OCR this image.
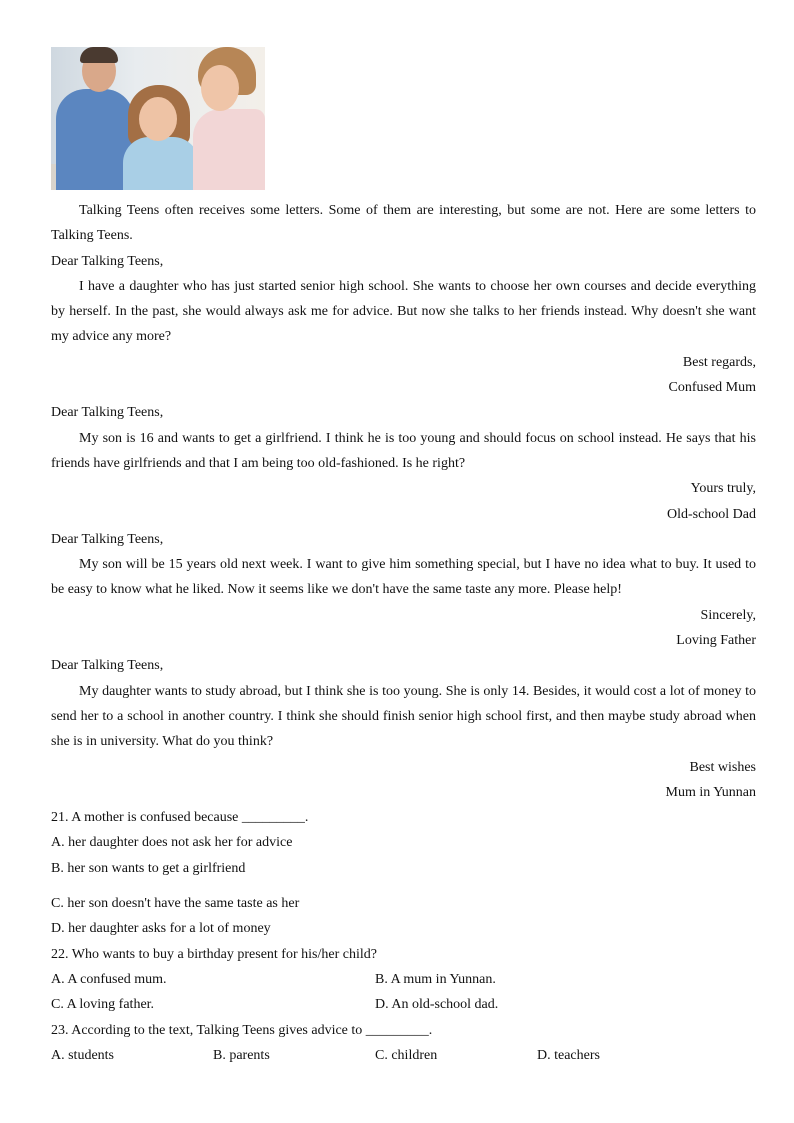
Talking Teens often receives some letters. Some of them are interesting, but some are not. Here are some letters to Talking Teens.

Dear Talking Teens,

I have a daughter who has just started senior high school. She wants to choose her own courses and decide everything by herself. In the past, she would always ask me for advice. But now she talks to her friends instead. Why doesn't she want my advice any more?

Best regards,

Confused Mum

Dear Talking Teens,

My son is 16 and wants to get a girlfriend. I think he is too young and should focus on school instead. He says that his friends have girlfriends and that I am being too old-fashioned. Is he right?

Yours truly,

Old-school Dad

Dear Talking Teens,

My son will be 15 years old next week. I want to give him something special, but I have no idea what to buy. It used to be easy to know what he liked. Now it seems like we don't have the same taste any more. Please help!

Sincerely,

Loving Father

Dear Talking Teens,

My daughter wants to study abroad, but I think she is too young. She is only 14. Besides, it would cost a lot of money to send her to a school in another country. I think she should finish senior high school first, and then maybe study abroad when she is in university. What do you think?

Best wishes

Mum in Yunnan

21. A mother is confused because _________.

A. her daughter does not ask her for advice

B. her son wants to get a girlfriend

C. her son doesn't have the same taste as her

D. her daughter asks for a lot of money

22. Who wants to buy a birthday present for his/her child?

A. A confused mum.	B. A mum in Yunnan.
C. A loving father.	D. An old-school dad.

23. According to the text, Talking Teens gives advice to _________.

A. students	B. parents	C. children	D. teachers
